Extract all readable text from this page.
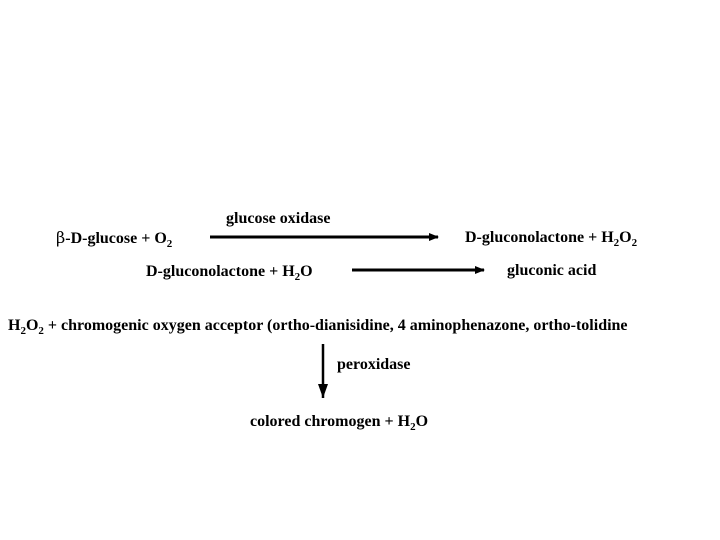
$\beta-D-glucose + O_2$
glucose oxidase
D-gluconolactone + $H_2O_2$
D-gluconolactone + $H_2O$	gluconic acid
$H_2O_2$ + chromogenic oxygen acceptor (ortho-dianisidine, 4 aminophenazone, ortho-tolidine
peroxidase
colored chromogen + $H_2O$
